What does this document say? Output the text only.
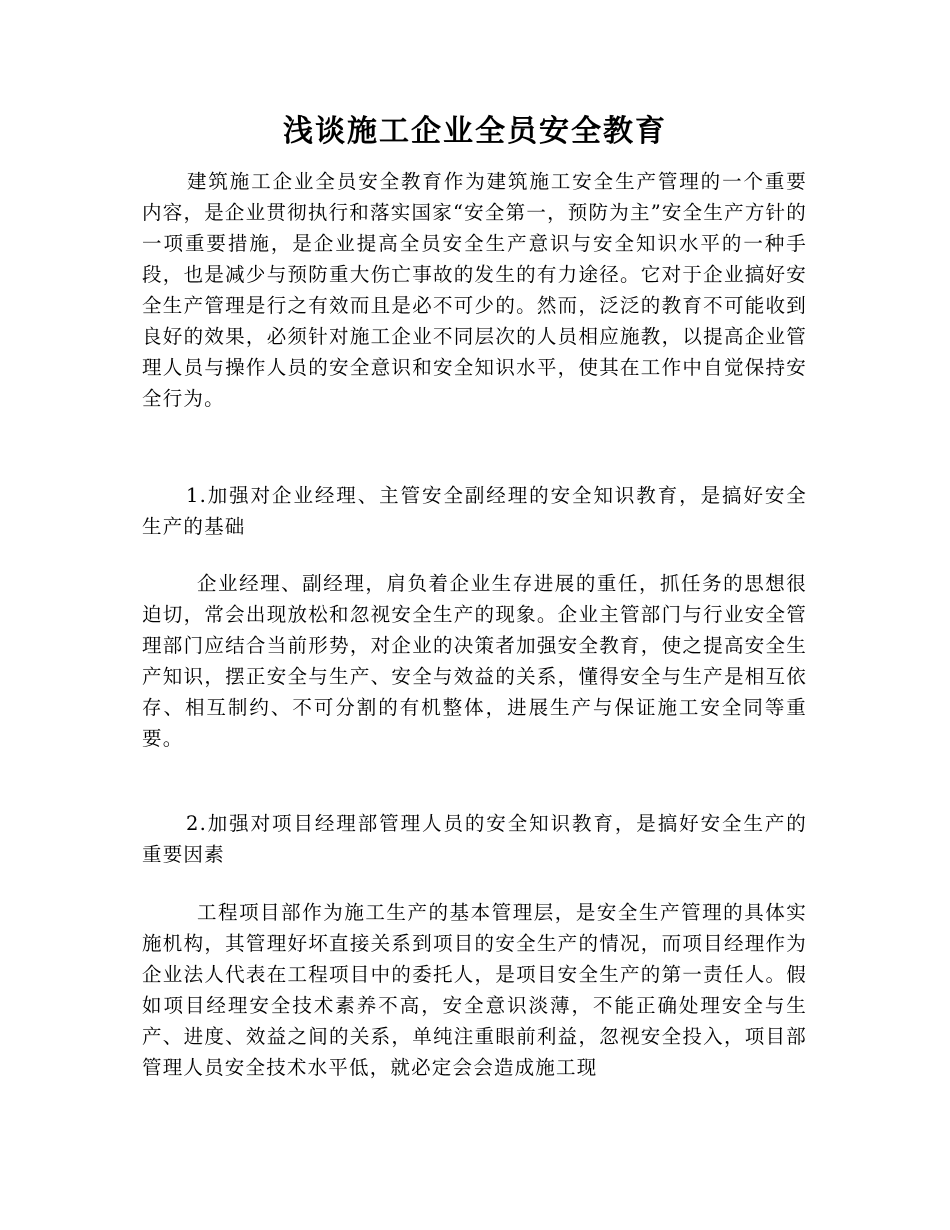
浅谈施工企业全员安全教育

建筑施工企业全员安全教育作为建筑施工安全生产管理的一个重要内容，是企业贯彻执行和落实国家“安全第一，预防为主”安全生产方针的一项重要措施，是企业提高全员安全生产意识与安全知识水平的一种手段，也是减少与预防重大伤亡事故的发生的有力途径。它对于企业搞好安全生产管理是行之有效而且是必不可少的。然而，泛泛的教育不可能收到良好的效果，必须针对施工企业不同层次的人员相应施教，以提高企业管理人员与操作人员的安全意识和安全知识水平，使其在工作中自觉保持安全行为。

1.加强对企业经理、主管安全副经理的安全知识教育，是搞好安全生产的基础

企业经理、副经理，肩负着企业生存进展的重任，抓任务的思想很迫切，常会出现放松和忽视安全生产的现象。企业主管部门与行业安全管理部门应结合当前形势，对企业的决策者加强安全教育，使之提高安全生产知识，摆正安全与生产、安全与效益的关系，懂得安全与生产是相互依存、相互制约、不可分割的有机整体，进展生产与保证施工安全同等重要。

2.加强对项目经理部管理人员的安全知识教育，是搞好安全生产的重要因素

工程项目部作为施工生产的基本管理层，是安全生产管理的具体实施机构，其管理好坏直接关系到项目的安全生产的情况，而项目经理作为企业法人代表在工程项目中的委托人，是项目安全生产的第一责任人。假如项目经理安全技术素养不高，安全意识淡薄，不能正确处理安全与生产、进度、效益之间的关系，单纯注重眼前利益，忽视安全投入，项目部管理人员安全技术水平低，就必定会会造成施工现
